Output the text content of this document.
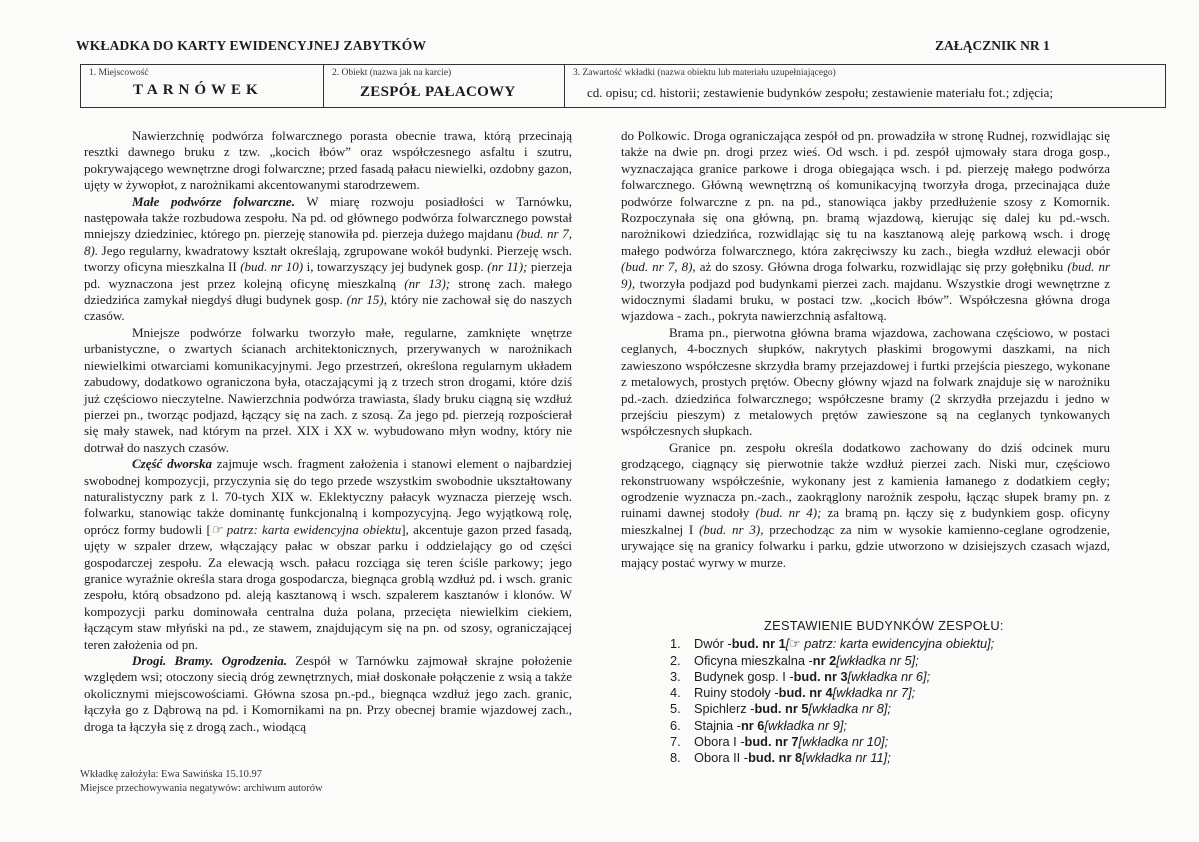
WKŁADKA DO KARTY EWIDENCYJNEJ ZABYTKÓW	ZAŁĄCZNIK NR 1
1. Miejscowość
TARNÓWEK
2. Obiekt (nazwa jak na karcie)
ZESPÓŁ PAŁACOWY
3. Zawartość wkładki (nazwa obiektu lub materiału uzupełniającego)
cd. opisu; cd. historii; zestawienie budynków zespołu; zestawienie materiału fot.; zdjęcia;

Nawierzchnię podwórza folwarcznego porasta obecnie trawa, którą przecinają resztki dawnego bruku z tzw. „kocich łbów” oraz współczesnego asfaltu i szutru, pokrywającego wewnętrzne drogi folwarczne; przed fasadą pałacu niewielki, ozdobny gazon, ujęty w żywopłot, z narożnikami akcentowanymi starodrzewem.

Małe podwórze folwarczne. W miarę rozwoju posiadłości w Tarnówku, następowała także rozbudowa zespołu. Na pd. od głównego podwórza folwarcznego powstał mniejszy dziedziniec, którego pn. pierzeję stanowiła pd. pierzeja dużego majdanu (bud. nr 7, 8). Jego regularny, kwadratowy kształt określają, zgrupowane wokół budynki. Pierzeję wsch. tworzy oficyna mieszkalna II (bud. nr 10) i, towarzyszący jej budynek gosp. (nr 11); pierzeja pd. wyznaczona jest przez kolejną oficynę mieszkalną (nr 13); stronę zach. małego dziedzińca zamykał niegdyś długi budynek gosp. (nr 15), który nie zachował się do naszych czasów.

Mniejsze podwórze folwarku tworzyło małe, regularne, zamknięte wnętrze urbanistyczne, o zwartych ścianach architektonicznych, przerywanych w narożnikach niewielkimi otwarciami komunikacyjnymi. Jego przestrzeń, określona regularnym układem zabudowy, dodatkowo ograniczona była, otaczającymi ją z trzech stron drogami, które dziś już częściowo nieczytelne. Nawierzchnia podwórza trawiasta, ślady bruku ciągną się wzdłuż pierzei pn., tworząc podjazd, łączący się na zach. z szosą. Za jego pd. pierzeją rozpościerał się mały stawek, nad którym na przeł. XIX i XX w. wybudowano młyn wodny, który nie dotrwał do naszych czasów.

Część dworska zajmuje wsch. fragment założenia i stanowi element o najbardziej swobodnej kompozycji, przyczynia się do tego przede wszystkim swobodnie ukształtowany naturalistyczny park z l. 70-tych XIX w. Eklektyczny pałacyk wyznacza pierzeję wsch. folwarku, stanowiąc także dominantę funkcjonalną i kompozycyjną. Jego wyjątkową rolę, oprócz formy budowli [☞ patrz: karta ewidencyjna obiektu], akcentuje gazon przed fasadą, ujęty w szpaler drzew, włączający pałac w obszar parku i oddzielający go od części gospodarczej zespołu. Za elewacją wsch. pałacu rozciąga się teren ściśle parkowy; jego granice wyraźnie określa stara droga gospodarcza, biegnąca groblą wzdłuż pd. i wsch. granic zespołu, którą obsadzono pd. aleją kasztanową i wsch. szpalerem kasztanów i klonów. W kompozycji parku dominowała centralna duża polana, przecięta niewielkim ciekiem, łączącym staw młyński na pd., ze stawem, znajdującym się na pn. od szosy, ograniczającej teren założenia od pn.

Drogi. Bramy. Ogrodzenia. Zespół w Tarnówku zajmował skrajne położenie względem wsi; otoczony siecią dróg zewnętrznych, miał doskonałe połączenie z wsią a także okolicznymi miejscowościami. Główna szosa pn.-pd., biegnąca wzdłuż jego zach. granic, łączyła go z Dąbrową na pd. i Komornikami na pn. Przy obecnej bramie wjazdowej zach., droga ta łączyła się z drogą zach., wiodącą

do Polkowic. Droga ograniczająca zespół od pn. prowadziła w stronę Rudnej, rozwidlając się także na dwie pn. drogi przez wieś. Od wsch. i pd. zespół ujmowały stara droga gosp., wyznaczająca granice parkowe i droga obiegająca wsch. i pd. pierzeję małego podwórza folwarcznego. Główną wewnętrzną oś komunikacyjną tworzyła droga, przecinająca duże podwórze folwarczne z pn. na pd., stanowiąca jakby przedłużenie szosy z Komornik. Rozpoczynała się ona główną, pn. bramą wjazdową, kierując się dalej ku pd.-wsch. narożnikowi dziedzińca, rozwidlając się tu na kasztanową aleję parkową wsch. i drogę małego podwórza folwarcznego, która zakręciwszy ku zach., biegła wzdłuż elewacji obór (bud. nr 7, 8), aż do szosy. Główna droga folwarku, rozwidlając się przy gołębniku (bud. nr 9), tworzyła podjazd pod budynkami pierzei zach. majdanu. Wszystkie drogi wewnętrzne z widocznymi śladami bruku, w postaci tzw. „kocich łbów”. Współczesna główna droga wjazdowa - zach., pokryta nawierzchnią asfaltową.

Brama pn., pierwotna główna brama wjazdowa, zachowana częściowo, w postaci ceglanych, 4-bocznych słupków, nakrytych płaskimi brogowymi daszkami, na nich zawieszono współczesne skrzydła bramy przejazdowej i furtki przejścia pieszego, wykonane z metalowych, prostych prętów. Obecny główny wjazd na folwark znajduje się w narożniku pd.-zach. dziedzińca folwarcznego; współczesne bramy (2 skrzydła przejazdu i jedno w przejściu pieszym) z metalowych prętów zawieszone są na ceglanych tynkowanych współczesnych słupkach.

Granice pn. zespołu określa dodatkowo zachowany do dziś odcinek muru grodzącego, ciągnący się pierwotnie także wzdłuż pierzei zach. Niski mur, częściowo rekonstruowany współcześnie, wykonany jest z kamienia łamanego z dodatkiem cegły; ogrodzenie wyznacza pn.-zach., zaokrąglony narożnik zespołu, łącząc słupek bramy pn. z ruinami dawnej stodoły (bud. nr 4); za bramą pn. łączy się z budynkiem gosp. oficyny mieszkalnej I (bud. nr 3), przechodząc za nim w wysokie kamienno-ceglane ogrodzenie, urywające się na granicy folwarku i parku, gdzie utworzono w dzisiejszych czasach wjazd, mający postać wyrwy w murze.

ZESTAWIENIE BUDYNKÓW ZESPOŁU:
1.	Dwór - bud. nr 1 [☞ patrz: karta ewidencyjna obiektu];
2.	Oficyna mieszkalna - nr 2 [wkładka nr 5];
3.	Budynek gosp. I - bud. nr 3 [wkładka nr 6];
4.	Ruiny stodoły - bud. nr 4 [wkładka nr 7];
5.	Spichlerz - bud. nr 5 [wkładka nr 8];
6.	Stajnia - nr 6 [wkładka nr 9];
7.	Obora I - bud. nr 7 [wkładka nr 10];
8.	Obora II - bud. nr 8 [wkładka nr 11];
Wkładkę założyła: Ewa Sawińska 15.10.97
Miejsce przechowywania negatywów: archiwum autorów
